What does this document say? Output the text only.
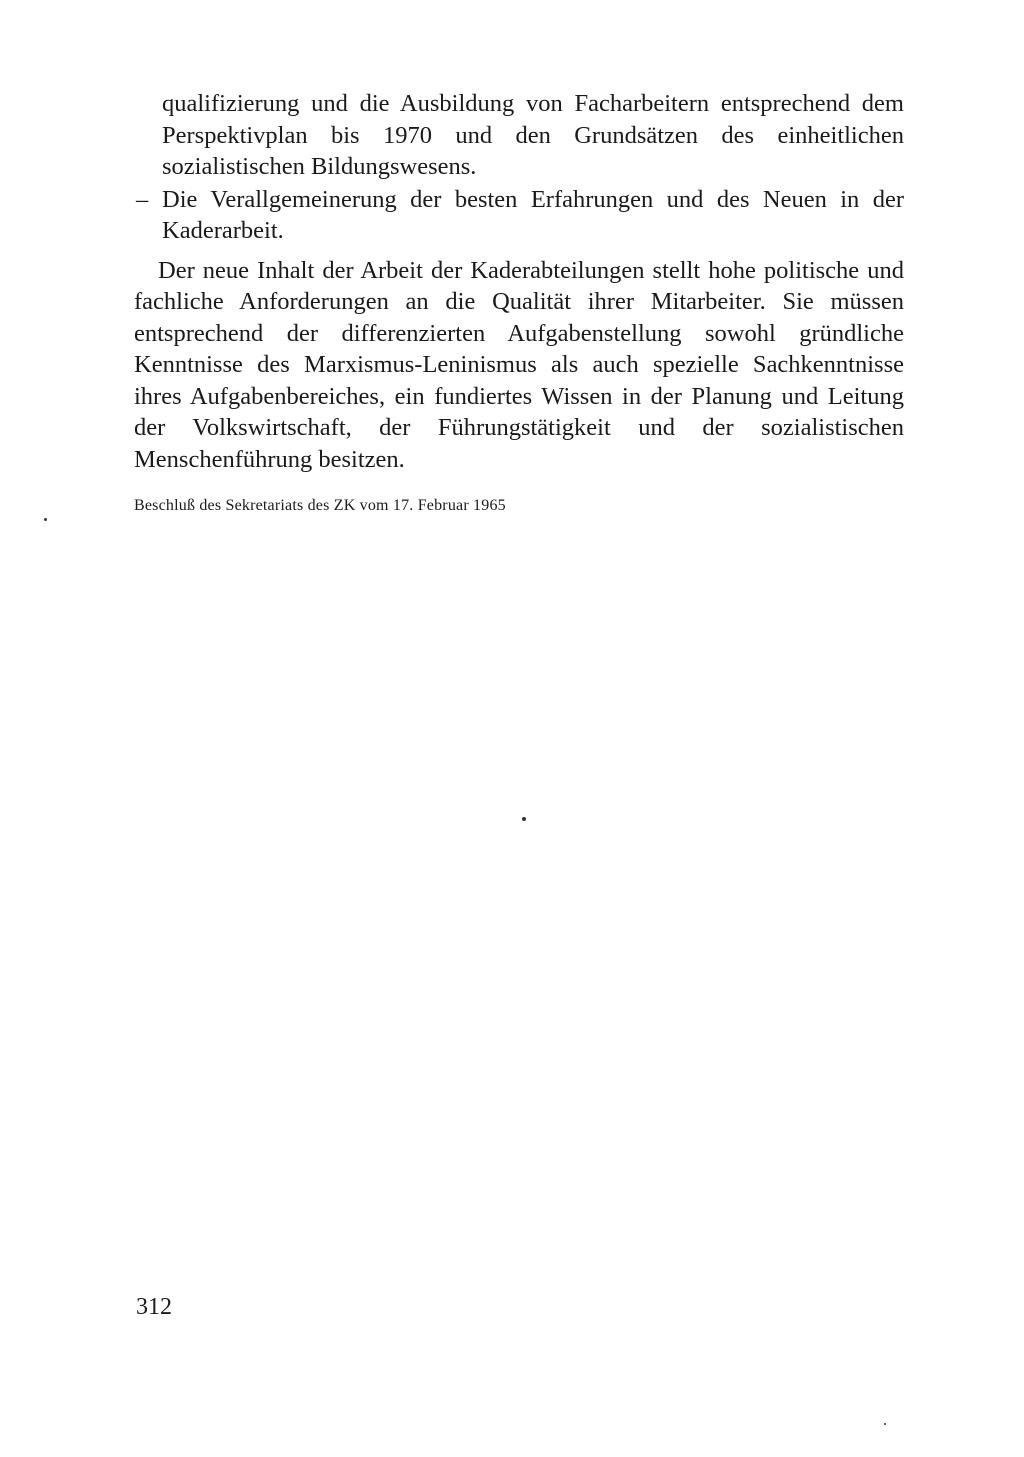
qualifizierung und die Ausbildung von Facharbeitern entsprechend dem Perspektivplan bis 1970 und den Grundsätzen des einheitlichen sozialistischen Bildungswesens.

– Die Verallgemeinerung der besten Erfahrungen und des Neuen in der Kaderarbeit.

Der neue Inhalt der Arbeit der Kaderabteilungen stellt hohe politische und fachliche Anforderungen an die Qualität ihrer Mitarbeiter. Sie müssen entsprechend der differenzierten Aufgabenstellung sowohl gründliche Kenntnisse des Marxismus-Leninismus als auch spezielle Sachkenntnisse ihres Aufgabenbereiches, ein fundiertes Wissen in der Planung und Leitung der Volkswirtschaft, der Führungstätigkeit und der sozialistischen Menschenführung besitzen.

Beschluß des Sekretariats des ZK vom 17. Februar 1965
312
